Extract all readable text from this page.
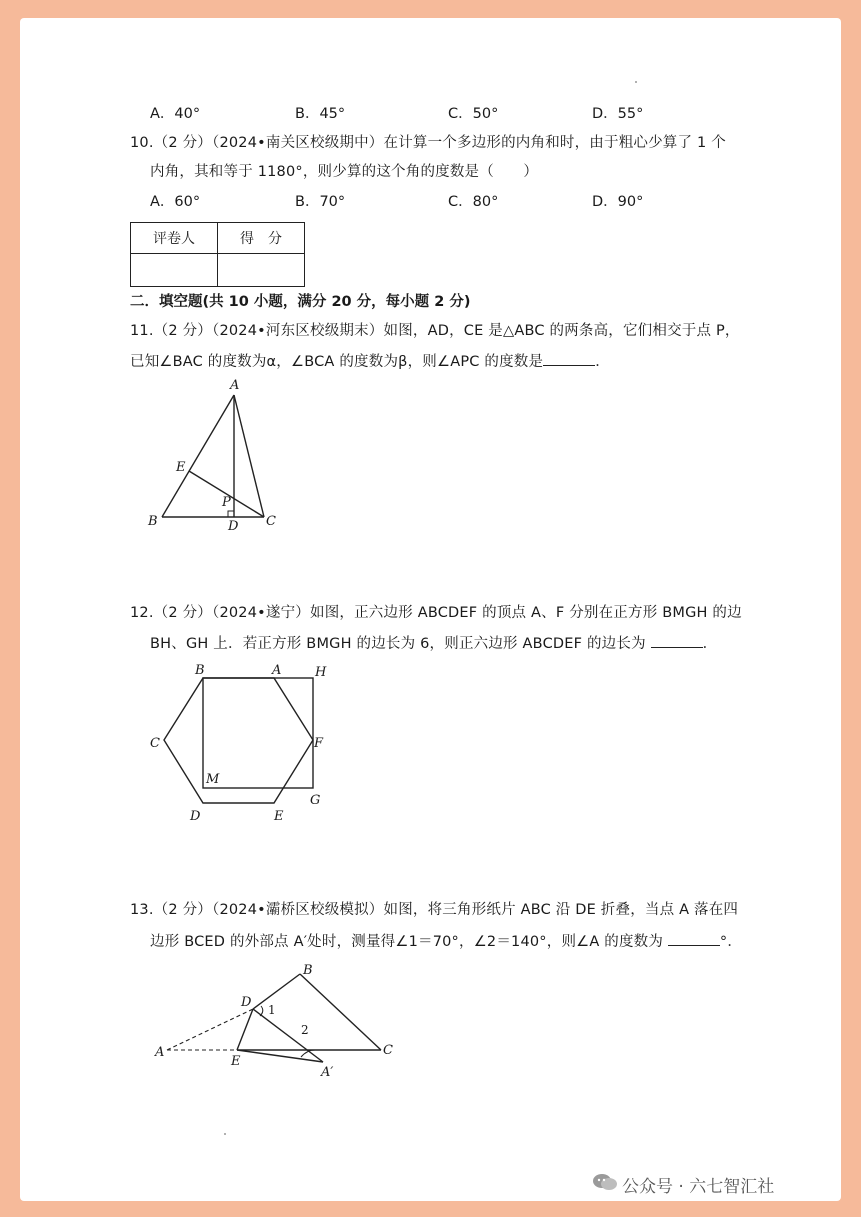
A．40°	B．45°	C．50°	D．55°
10.（2 分）（2024•南关区校级期中）在计算一个多边形的内角和时，由于粗心少算了 1 个
内角，其和等于 1180°，则少算的这个角的度数是（　　）
A．60°	B．70°	C．80°	D．90°
评卷人	得　分

二．填空题(共 10 小题，满分 20 分，每小题 2 分)
11.（2 分）（2024•河东区校级期末）如图，AD，CE 是△ABC 的两条高，它们相交于点 P，
已知∠BAC 的度数为α，∠BCA 的度数为β，则∠APC 的度数是	．
A
B	C
D
E
P
12.（2 分）（2024•遂宁）如图，正六边形 ABCDEF 的顶点 A、F 分别在正方形 BMGH 的边
BH、GH 上．若正方形 BMGH 的边长为 6，则正六边形 ABCDEF 的边长为	．
B	A	H
C	F
M
G
D	E
13.（2 分）（2024•灞桥区校级模拟）如图，将三角形纸片 ABC 沿 DE 折叠，当点 A 落在四
边形 BCED 的外部点 A′处时，测量得∠1＝70°，∠2＝140°，则∠A 的度数为	°．
A
B
C
D
E
A′
1
2
公众号 · 六七智汇社
